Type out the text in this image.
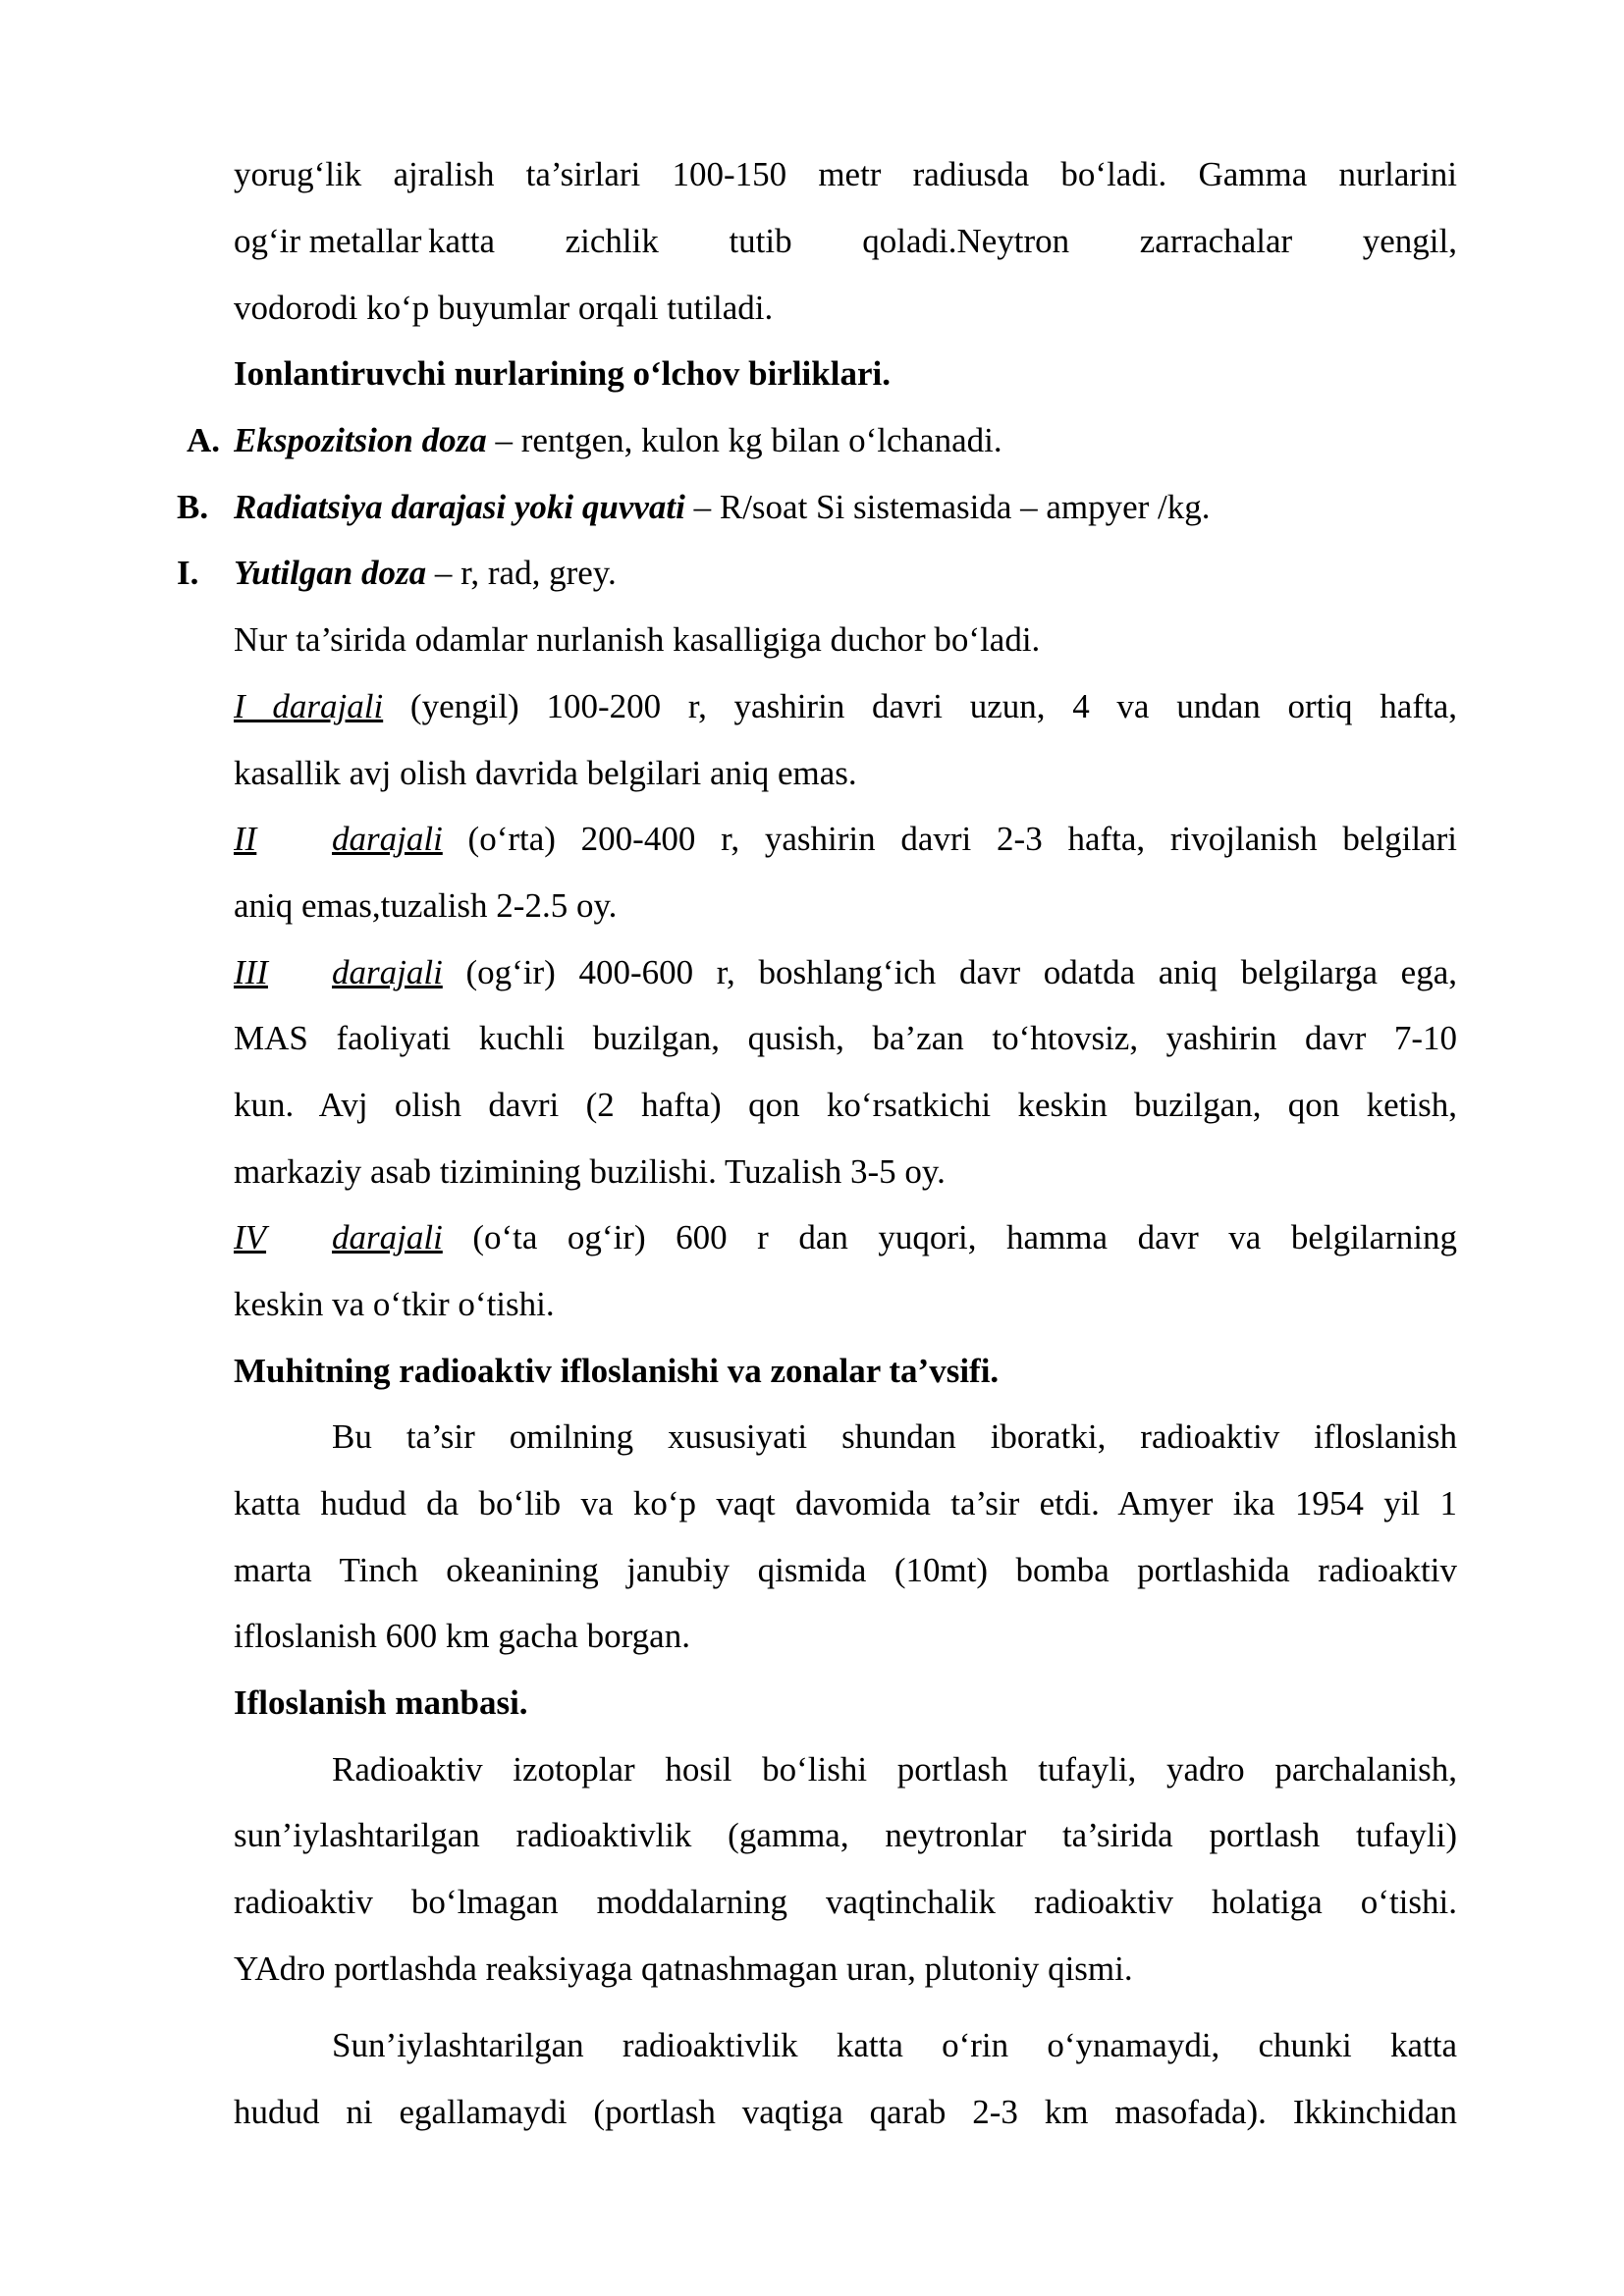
yorug‘lik ajralish ta’sirlari 100-150 metr radiusda bo‘ladi. Gamma nurlarini
og‘ir metallar katta zichlik tutib qoladi.Neytron zarrachalar yengil,
vodorodi ko‘p buyumlar orqali tutiladi.
Ionlantiruvchi nurlarining o‘lchov birliklari.
A. Ekspozitsion doza – rentgen, kulon kg bilan o‘lchanadi.
B. Radiatsiya darajasi yoki quvvati – R/soat Si sistemasida – ampyer /kg.
I. Yutilgan doza – r, rad, grey.
Nur ta’sirida odamlar nurlanish kasalligiga duchor bo‘ladi.
I darajali (yengil) 100-200 r, yashirin davri uzun, 4 va undan ortiq hafta,
kasallik avj olish davrida belgilari aniq emas.
II darajali (o‘rta) 200-400 r, yashirin davri 2-3 hafta, rivojlanish belgilari
aniq emas,tuzalish 2-2.5 oy.
III darajali (og‘ir) 400-600 r, boshlang‘ich davr odatda aniq belgilarga ega,
MAS faoliyati kuchli buzilgan, qusish, ba’zan to‘htovsiz, yashirin davr 7-10
kun. Avj olish davri (2 hafta) qon ko‘rsatkichi keskin buzilgan, qon ketish,
markaziy asab tizimining buzilishi. Tuzalish 3-5 oy.
IV darajali (o‘ta og‘ir) 600 r dan yuqori, hamma davr va belgilarning
keskin va o‘tkir o‘tishi.
Muhitning radioaktiv ifloslanishi va zonalar ta’vsifi.
Bu ta’sir omilning xususiyati shundan iboratki, radioaktiv ifloslanish
katta hudud da bo‘lib va ko‘p vaqt davomida ta’sir etdi. Amyer ika 1954 yil 1
marta Tinch okeanining janubiy qismida (10mt) bomba portlashida radioaktiv
ifloslanish 600 km gacha borgan.
Ifloslanish manbasi.
Radioaktiv izotoplar hosil bo‘lishi portlash tufayli, yadro parchalanish,
sun’iylashtarilgan radioaktivlik (gamma, neytronlar ta’sirida portlash tufayli)
radioaktiv bo‘lmagan moddalarning vaqtinchalik radioaktiv holatiga o‘tishi.
YAdro portlashda reaksiyaga qatnashmagan uran, plutoniy qismi.
Sun’iylashtarilgan radioaktivlik katta o‘rin o‘ynamaydi, chunki katta
hudud ni egallamaydi (portlash vaqtiga qarab 2-3 km masofada). Ikkinchidan
